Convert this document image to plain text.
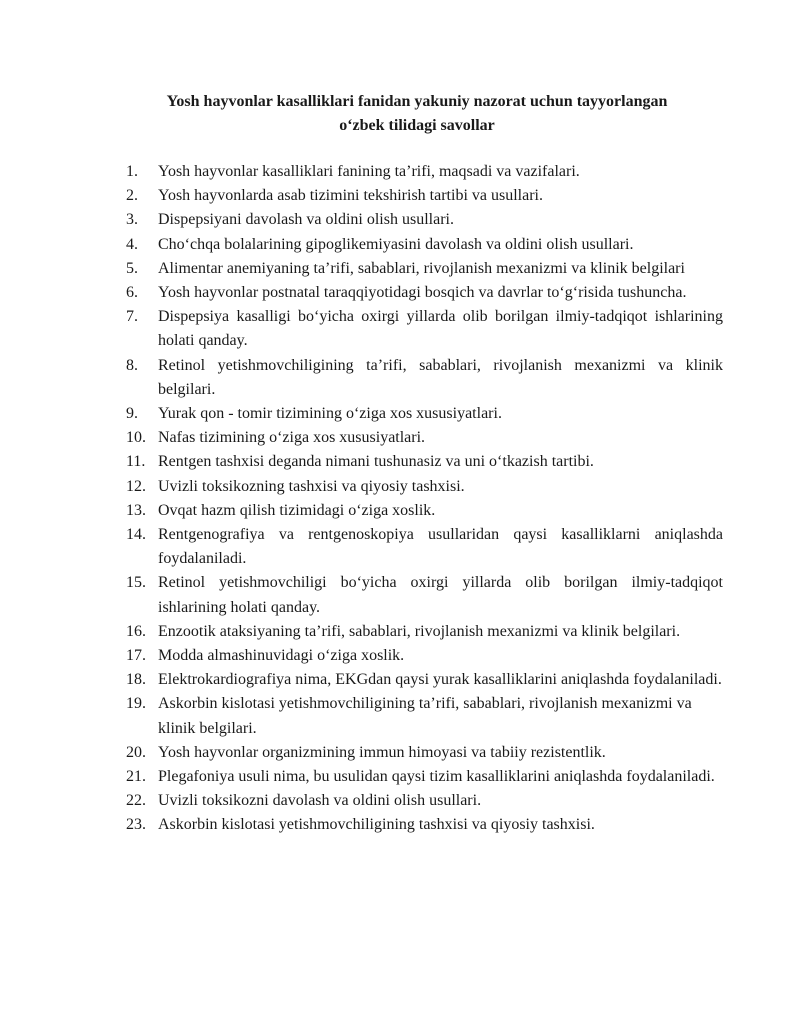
Yosh hayvonlar kasalliklari fanidan yakuniy nazorat uchun tayyorlangan
o‘zbek tilidagi savollar
1. Yosh hayvonlar kasalliklari fanining ta’rifi, maqsadi va vazifalari.
2. Yosh hayvonlarda asab tizimini tekshirish tartibi va usullari.
3. Dispepsiyani davolash va oldini olish usullari.
4. Cho‘chqa bolalarining gipoglikemiyasini davolash va oldini olish usullari.
5. Alimentar anemiyaning ta’rifi, sabablari, rivojlanish mexanizmi va klinik belgilari
6. Yosh hayvonlar postnatal taraqqiyotidagi bosqich va davrlar to‘g‘risida tushuncha.
7. Dispepsiya kasalligi bo‘yicha oxirgi yillarda olib borilgan ilmiy-tadqiqot ishlarining holati qanday.
8. Retinol yetishmovchiligining ta’rifi, sabablari, rivojlanish mexanizmi va klinik belgilari.
9. Yurak qon - tomir tizimining o‘ziga xos xususiyatlari.
10. Nafas tizimining o‘ziga xos xususiyatlari.
11. Rentgen tashxisi deganda nimani tushunasiz va uni o‘tkazish tartibi.
12. Uvizli toksikozning tashxisi va qiyosiy tashxisi.
13. Ovqat hazm qilish tizimidagi o‘ziga xoslik.
14. Rentgenografiya va rentgenoskopiya usullaridan qaysi kasalliklarni aniqlashda foydalaniladi.
15. Retinol yetishmovchiligi bo‘yicha oxirgi yillarda olib borilgan ilmiy-tadqiqot ishlarining holati qanday.
16. Enzootik ataksiyaning ta’rifi, sabablari, rivojlanish mexanizmi va klinik belgilari.
17. Modda almashinuvidagi o‘ziga xoslik.
18. Elektrokardiografiya nima, EKGdan qaysi yurak kasalliklarini aniqlashda foydalaniladi.
19. Askorbin kislotasi yetishmovchiligining ta’rifi, sabablari, rivojlanish mexanizmi va klinik belgilari.
20. Yosh hayvonlar organizmining immun himoyasi va tabiiy rezistentlik.
21. Plegafoniya usuli nima, bu usulidan qaysi tizim kasalliklarini aniqlashda foydalaniladi.
22. Uvizli toksikozni davolash va oldini olish usullari.
23. Askorbin kislotasi yetishmovchiligining tashxisi va qiyosiy tashxisi.
